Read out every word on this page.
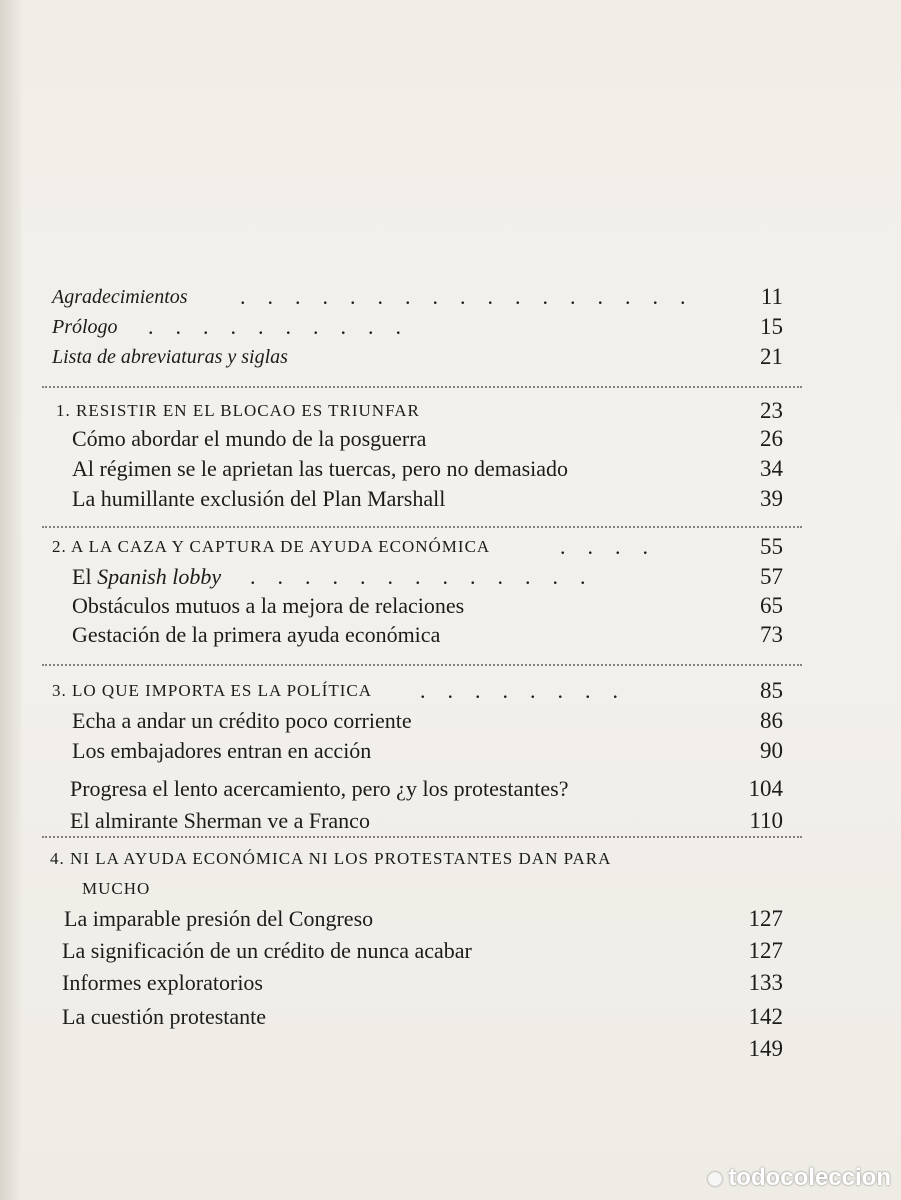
Agradecimientos .................	11
Prólogo ..........	15
Lista de abreviaturas y siglas	21
1. RESISTIR EN EL BLOCAO ES TRIUNFAR	23
Cómo abordar el mundo de la posguerra	26
Al régimen se le aprietan las tuercas, pero no demasiado	34
La humillante exclusión del Plan Marshall	39
2. A LA CAZA Y CAPTURA DE AYUDA ECONÓMICA	....	55
El Spanish lobby .............	57
Obstáculos mutuos a la mejora de relaciones	65
Gestación de la primera ayuda económica	73
3. LO QUE IMPORTA ES LA POLÍTICA ........	85
Echa a andar un crédito poco corriente	86
Los embajadores entran en acción	90
Progresa el lento acercamiento, pero ¿y los protestantes?	104
El almirante Sherman ve a Franco	110
4. NI LA AYUDA ECONÓMICA NI LOS PROTESTANTES DAN PARA
MUCHO
La imparable presión del Congreso	127
La significación de un crédito de nunca acabar	127
Informes exploratorios	133
La cuestión protestante	142
149
todocoleccion
